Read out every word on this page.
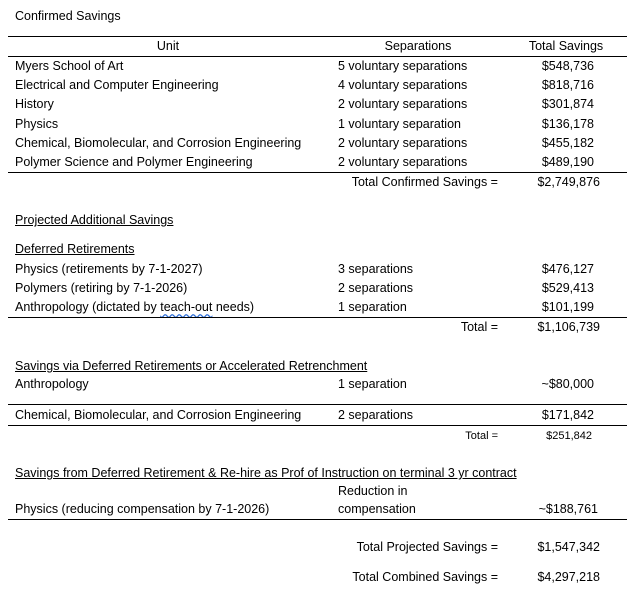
Confirmed Savings
Unit	Separations	Total Savings
Myers School of Art	5 voluntary separations	$548,736
Electrical and Computer Engineering	4 voluntary separations	$818,716
History	2 voluntary separations	$301,874
Physics	1 voluntary separation	$136,178
Chemical, Biomolecular, and Corrosion Engineering	2 voluntary separations	$455,182
Polymer Science and Polymer Engineering	2 voluntary separations	$489,190
Total Confirmed Savings =	$2,749,876
Projected Additional Savings
Deferred Retirements
Physics (retirements by 7-1-2027)	3 separations	$476,127
Polymers (retiring by 7-1-2026)	2 separations	$529,413
Anthropology (dictated by teach-out needs)	1 separation	$101,199
Total =	$1,106,739
Savings via Deferred Retirements or Accelerated Retrenchment
Anthropology	1 separation	~$80,000
Chemical, Biomolecular, and Corrosion Engineering	2 separations	$171,842
Total =	$251,842
Savings from Deferred Retirement & Re-hire as Prof of Instruction on terminal 3 yr contract
Reduction in
Physics (reducing compensation by 7-1-2026)	compensation	~$188,761
Total Projected Savings =	$1,547,342
Total Combined Savings =	$4,297,218
